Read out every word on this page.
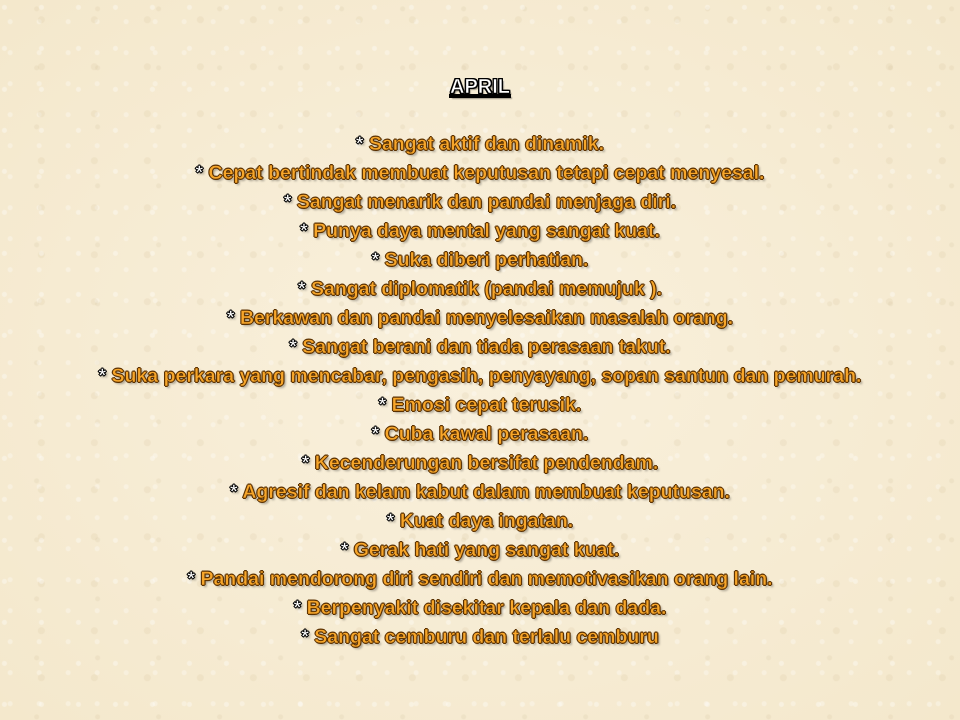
APRIL
* Sangat aktif dan dinamik.
* Cepat bertindak membuat keputusan tetapi cepat menyesal.
* Sangat menarik dan pandai menjaga diri.
* Punya daya mental yang sangat kuat.
* Suka diberi perhatian.
* Sangat diplomatik (pandai memujuk ).
* Berkawan dan pandai menyelesaikan masalah orang.
* Sangat berani dan tiada perasaan takut.
* Suka perkara yang mencabar, pengasih, penyayang, sopan santun dan pemurah.
* Emosi cepat terusik.
* Cuba kawal perasaan.
* Kecenderungan bersifat pendendam.
* Agresif dan kelam kabut dalam membuat keputusan.
* Kuat daya ingatan.
* Gerak hati yang sangat kuat.
* Pandai mendorong diri sendiri dan memotivasikan orang lain.
* Berpenyakit disekitar kepala dan dada.
* Sangat cemburu dan terlalu cemburu
